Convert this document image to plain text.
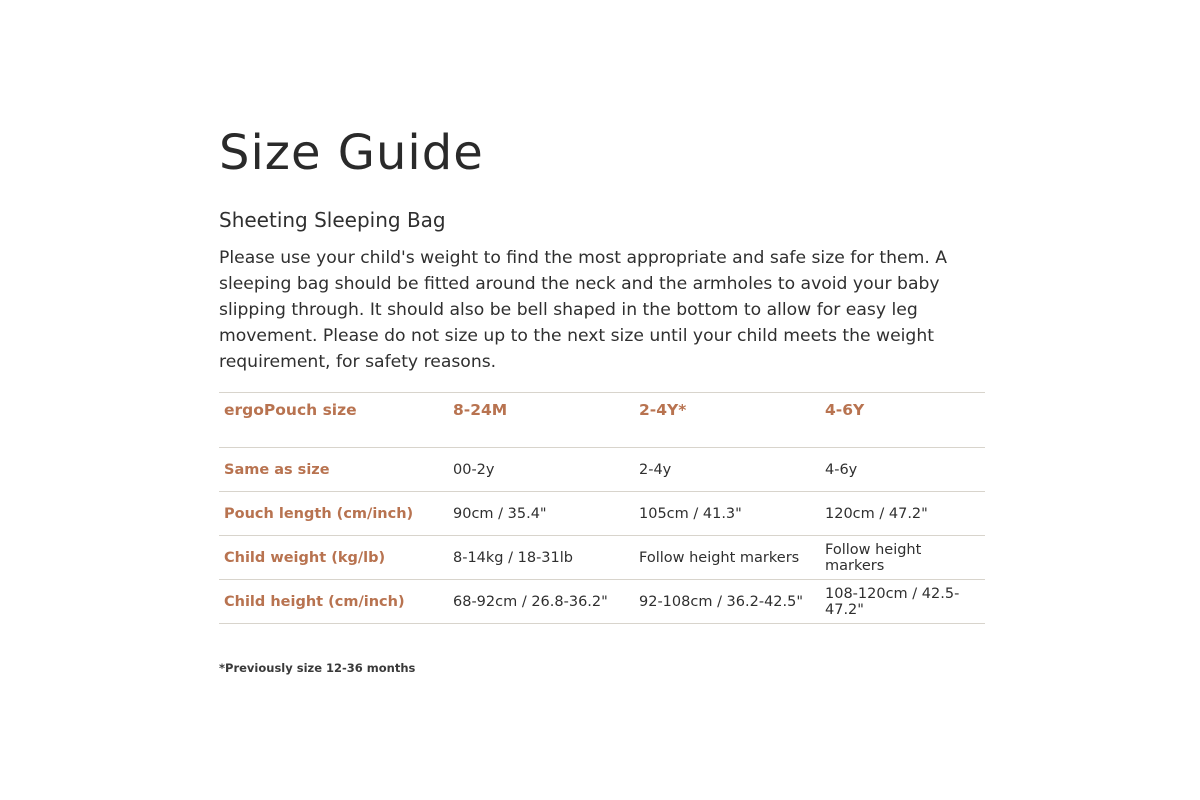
Size Guide
Sheeting Sleeping Bag

Please use your child's weight to find the most appropriate and safe size for them. A sleeping bag should be fitted around the neck and the armholes to avoid your baby slipping through. It should also be bell shaped in the bottom to allow for easy leg movement. Please do not size up to the next size until your child meets the weight requirement, for safety reasons.

ergoPouch size	8-24M	2-4Y*	4-6Y
Same as size	00-2y	2-4y	4-6y
Pouch length (cm/inch)	90cm / 35.4"	105cm / 41.3"	120cm / 47.2"
Child weight (kg/lb)	8-14kg / 18-31lb	Follow height markers	Follow height markers
Child height (cm/inch)	68-92cm / 26.8-36.2"	92-108cm / 36.2-42.5"	108-120cm / 42.5-47.2"
*Previously size 12-36 months
